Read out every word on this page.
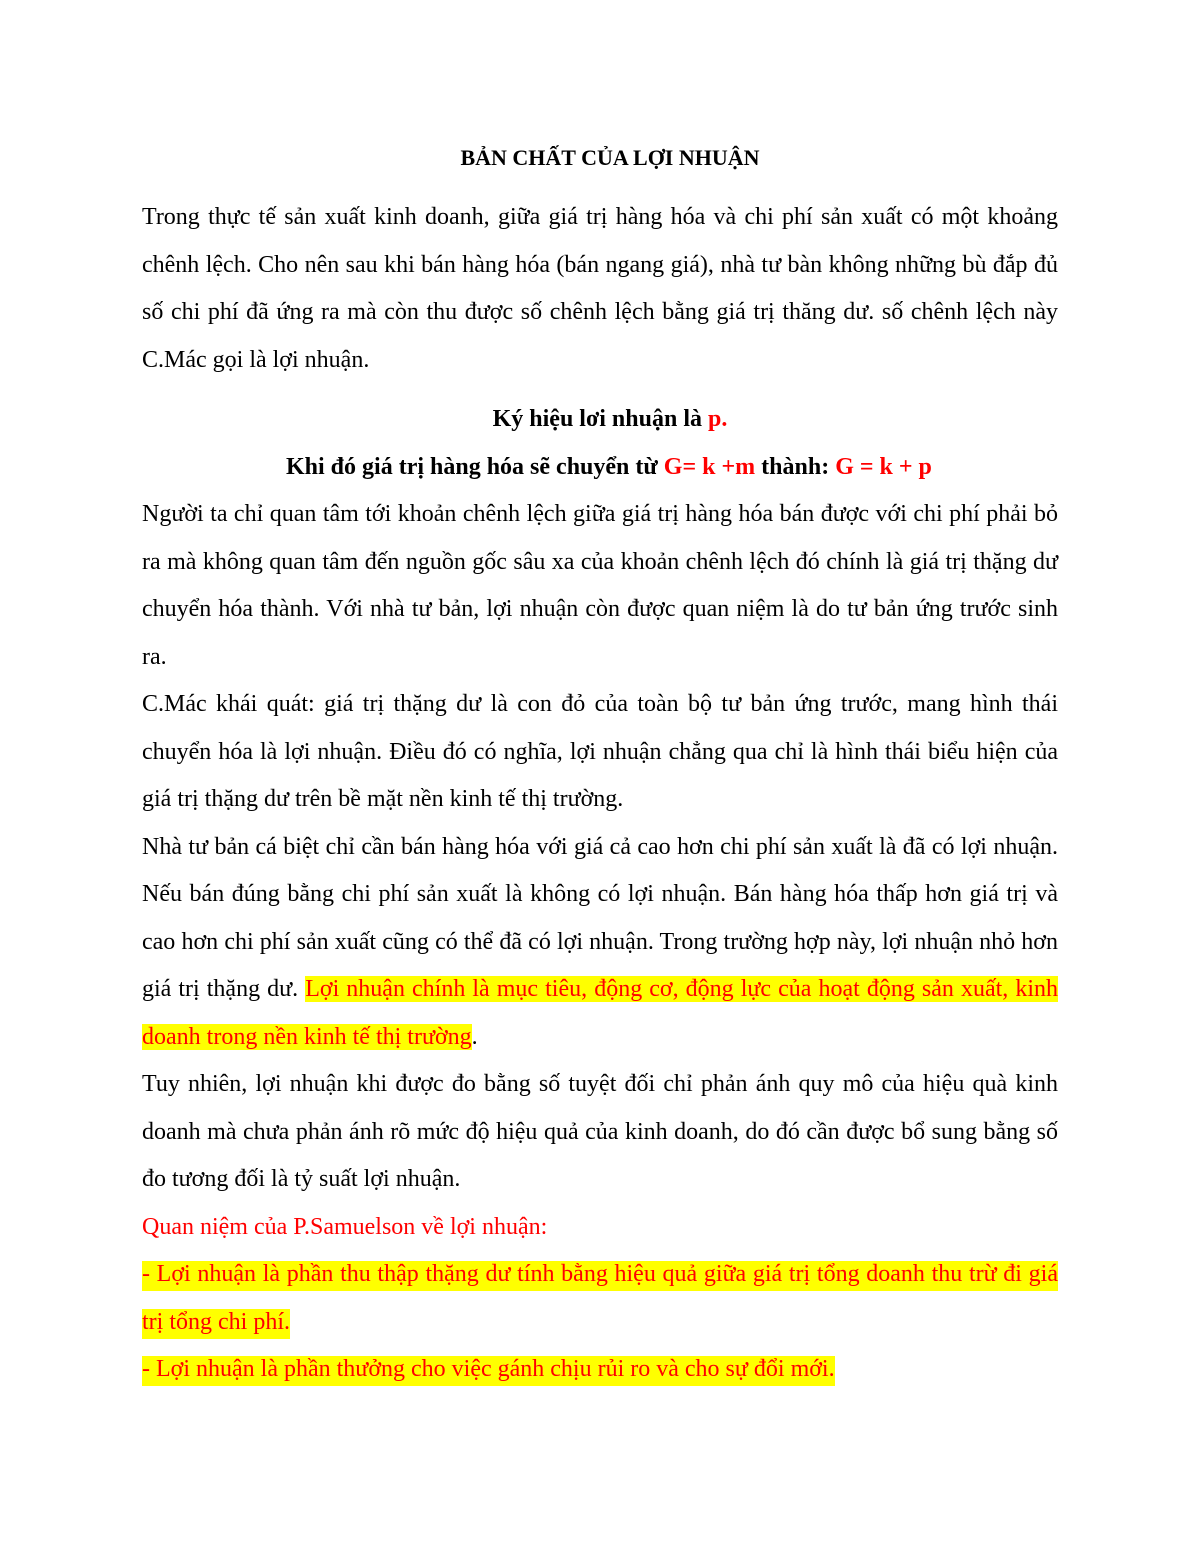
BẢN CHẤT CỦA LỢI NHUẬN

Trong thực tế sản xuất kinh doanh, giữa giá trị hàng hóa và chi phí sản xuất có một khoảng chênh lệch. Cho nên sau khi bán hàng hóa (bán ngang giá), nhà tư bàn không những bù đắp đủ số chi phí đã ứng ra mà còn thu được số chênh lệch bằng giá trị thăng dư. số chênh lệch này C.Mác gọi là lợi nhuận.

Ký hiệu lơi nhuận là p.

Khi đó giá trị hàng hóa sẽ chuyển từ G= k +m thành: G = k + p

Người ta chỉ quan tâm tới khoản chênh lệch giữa giá trị hàng hóa bán được với chi phí phải bỏ ra mà không quan tâm đến nguồn gốc sâu xa của khoản chênh lệch đó chính là giá trị thặng dư chuyển hóa thành. Với nhà tư bản, lợi nhuận còn được quan niệm là do tư bản ứng trước sinh ra.

C.Mác khái quát: giá trị thặng dư là con đỏ của toàn bộ tư bản ứng trước, mang hình thái chuyển hóa là lợi nhuận. Điều đó có nghĩa, lợi nhuận chẳng qua chỉ là hình thái biểu hiện của giá trị thặng dư trên bề mặt nền kinh tế thị trường.

Nhà tư bản cá biệt chỉ cần bán hàng hóa với giá cả cao hơn chi phí sản xuất là đã có lợi nhuận. Nếu bán đúng bằng chi phí sản xuất là không có lợi nhuận. Bán hàng hóa thấp hơn giá trị và cao hơn chi phí sản xuất cũng có thể đã có lợi nhuận. Trong trường hợp này, lợi nhuận nhỏ hơn giá trị thặng dư. Lợi nhuận chính là mục tiêu, động cơ, động lực của hoạt động sản xuất, kinh doanh trong nền kinh tế thị trường.

Tuy nhiên, lợi nhuận khi được đo bằng số tuyệt đối chỉ phản ánh quy mô của hiệu quà kinh doanh mà chưa phản ánh rõ mức độ hiệu quả của kinh doanh, do đó cần được bổ sung bằng số đo tương đối là tỷ suất lợi nhuận.

Quan niệm của P.Samuelson về lợi nhuận:

- Lợi nhuận là phần thu thập thặng dư tính bằng hiệu quả giữa giá trị tổng doanh thu trừ đi giá trị tổng chi phí.

- Lợi nhuận là phần thưởng cho việc gánh chịu rủi ro và cho sự đổi mới.
